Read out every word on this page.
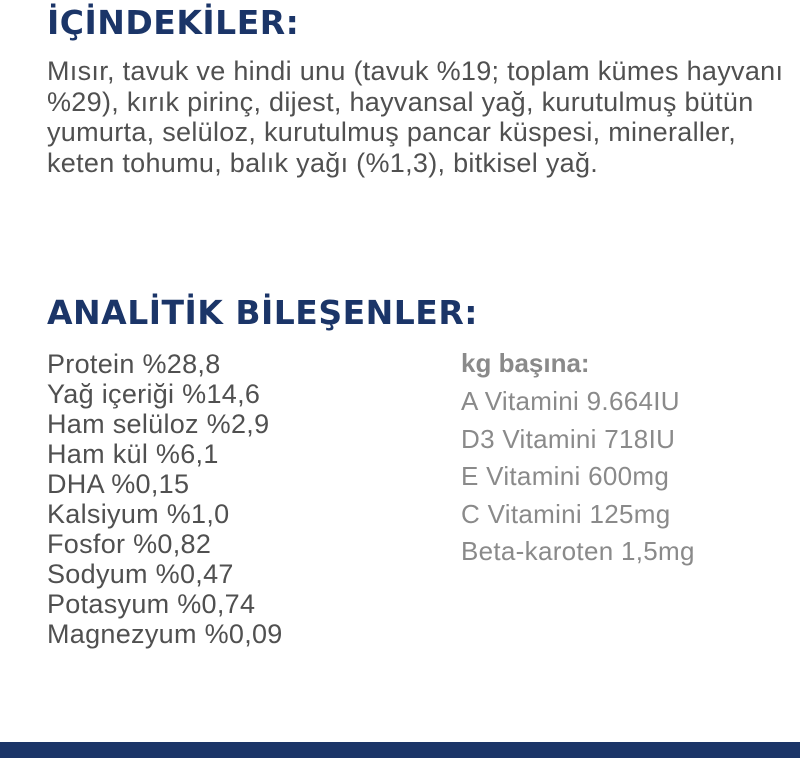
İÇİNDEKİLER:

Mısır, tavuk ve hindi unu (tavuk %19; toplam kümes hayvanı %29), kırık pirinç, dijest, hayvansal yağ, kurutulmuş bütün yumurta, selüloz, kurutulmuş pancar küspesi, mineraller, keten tohumu, balık yağı (%1,3), bitkisel yağ.

ANALİTİK BİLEŞENLER:
Protein %28,8
Yağ içeriği %14,6
Ham selüloz %2,9
Ham kül %6,1
DHA %0,15
Kalsiyum %1,0
Fosfor %0,82
Sodyum %0,47
Potasyum %0,74
Magnezyum %0,09
kg başına:
A Vitamini 9.664IU
D3 Vitamini 718IU
E Vitamini 600mg
C Vitamini 125mg
Beta-karoten 1,5mg
